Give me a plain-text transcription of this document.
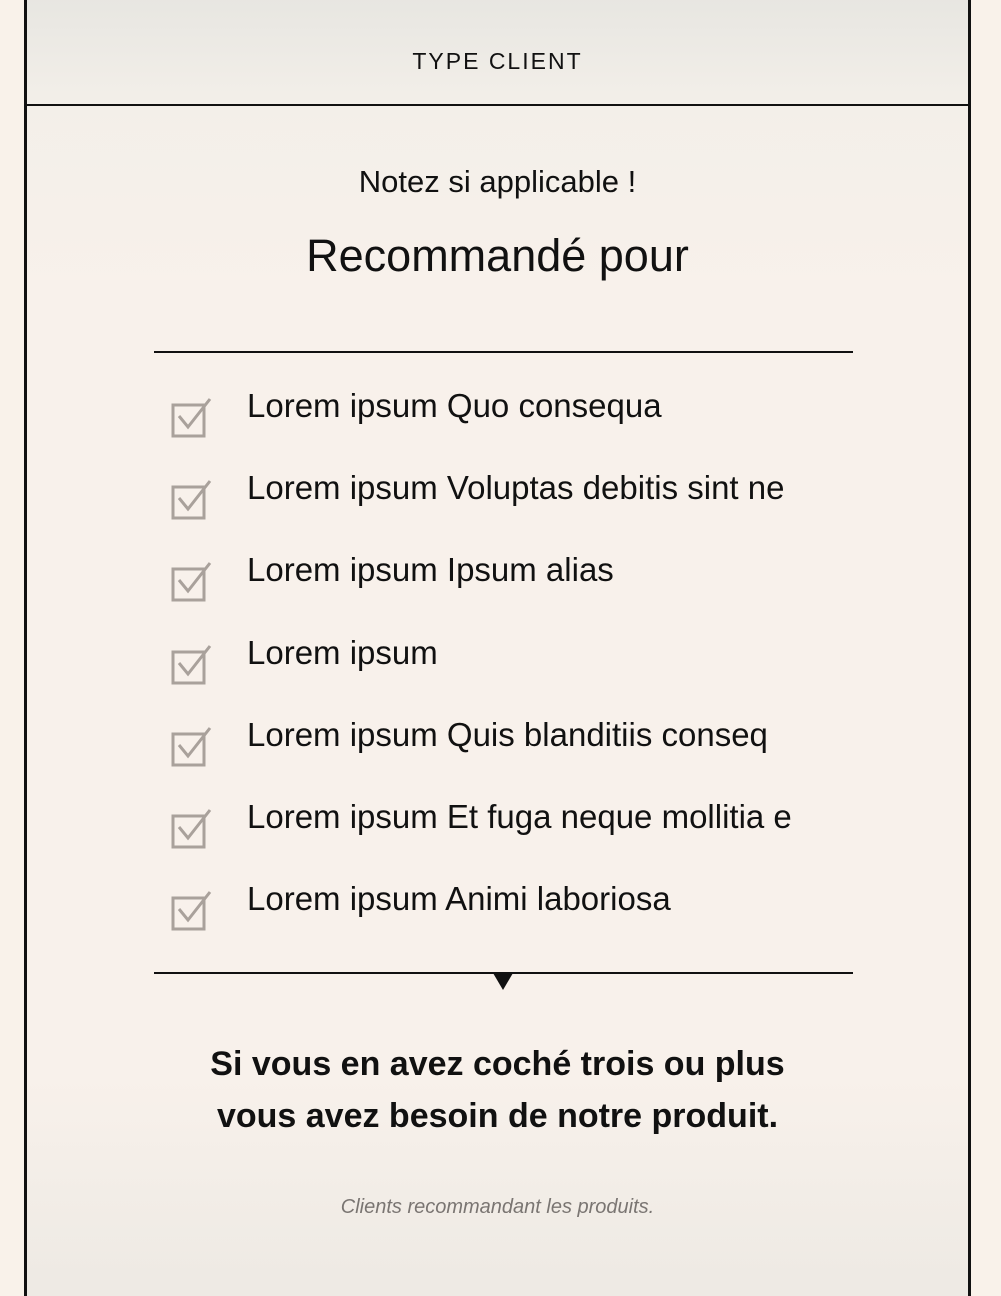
TYPE CLIENT
Notez si applicable !
Recommandé pour
Lorem ipsum Quo consequa
Lorem ipsum Voluptas debitis sint ne
Lorem ipsum Ipsum alias
Lorem ipsum
Lorem ipsum Quis blanditiis conseq
Lorem ipsum Et fuga neque mollitia e
Lorem ipsum Animi laboriosa
Si vous en avez coché trois ou plus
vous avez besoin de notre produit.
Clients recommandant les produits.
